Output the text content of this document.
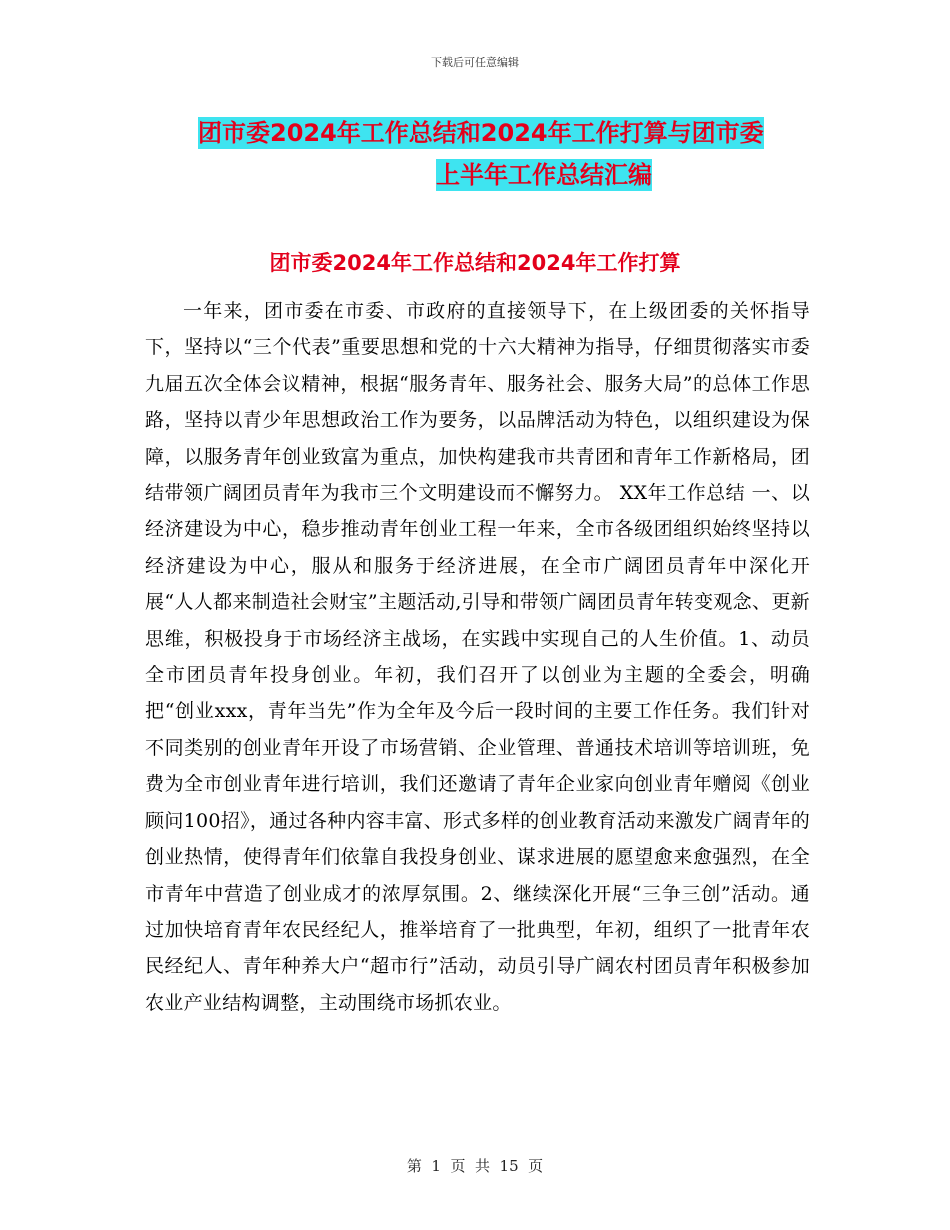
下载后可任意编辑
团市委2024年工作总结和2024年工作打算与团市委
上半年工作总结汇编
团市委2024年工作总结和2024年工作打算

一年来，团市委在市委、市政府的直接领导下，在上级团委的关怀指导下，坚持以“三个代表”重要思想和党的十六大精神为指导，仔细贯彻落实市委九届五次全体会议精神，根据“服务青年、服务社会、服务大局”的总体工作思路，坚持以青少年思想政治工作为要务，以品牌活动为特色，以组织建设为保障，以服务青年创业致富为重点，加快构建我市共青团和青年工作新格局，团结带领广阔团员青年为我市三个文明建设而不懈努力。 XX年工作总结 一、以经济建设为中心，稳步推动青年创业工程一年来，全市各级团组织始终坚持以经济建设为中心，服从和服务于经济进展，在全市广阔团员青年中深化开展“人人都来制造社会财宝”主题活动,引导和带领广阔团员青年转变观念、更新思维，积极投身于市场经济主战场，在实践中实现自己的人生价值。1、动员全市团员青年投身创业。年初，我们召开了以创业为主题的全委会，明确把“创业xxx，青年当先”作为全年及今后一段时间的主要工作任务。我们针对不同类别的创业青年开设了市场营销、企业管理、普通技术培训等培训班，免费为全市创业青年进行培训，我们还邀请了青年企业家向创业青年赠阅《创业顾问100招》，通过各种内容丰富、形式多样的创业教育活动来激发广阔青年的创业热情，使得青年们依靠自我投身创业、谋求进展的愿望愈来愈强烈，在全市青年中营造了创业成才的浓厚氛围。2、继续深化开展“三争三创”活动。通过加快培育青年农民经纪人，推举培育了一批典型，年初，组织了一批青年农民经纪人、青年种养大户“超市行”活动，动员引导广阔农村团员青年积极参加农业产业结构调整，主动围绕市场抓农业。

第  1  页  共  15  页
